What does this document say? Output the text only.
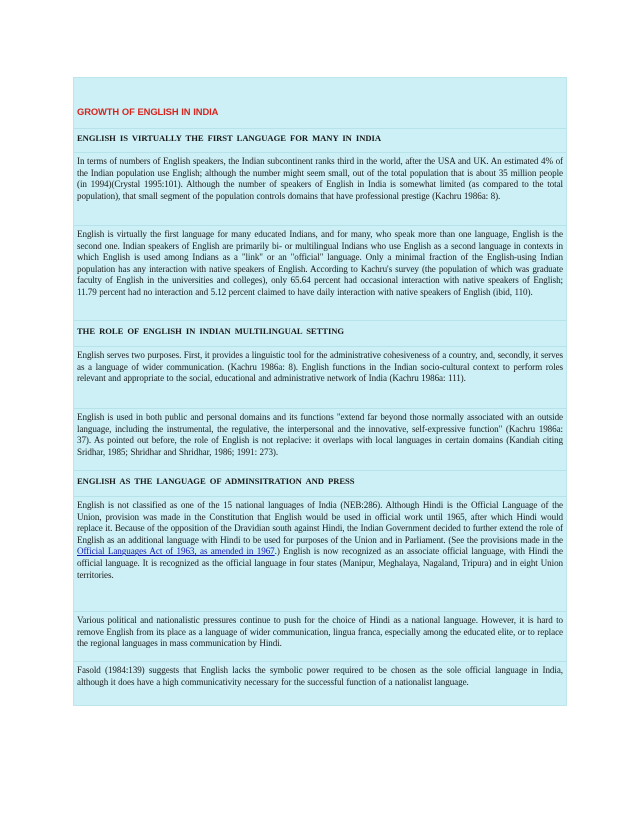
GROWTH OF ENGLISH IN INDIA
ENGLISH IS VIRTUALLY THE FIRST LANGUAGE FOR MANY IN INDIA
In terms of numbers of English speakers, the Indian subcontinent ranks third in the world, after the USA and UK. An estimated 4% of the Indian population use English; although the number might seem small, out of the total population that is about 35 million people (in 1994)(Crystal 1995:101). Although the number of speakers of English in India is somewhat limited (as compared to the total population), that small segment of the population controls domains that have professional prestige (Kachru 1986a: 8).
English is virtually the first language for many educated Indians, and for many, who speak more than one language, English is the second one. Indian speakers of English are primarily bi- or multilingual Indians who use English as a second language in contexts in which English is used among Indians as a "link" or an "official" language. Only a minimal fraction of the English-using Indian population has any interaction with native speakers of English. According to Kachru's survey (the population of which was graduate faculty of English in the universities and colleges), only 65.64 percent had occasional interaction with native speakers of English; 11.79 percent had no interaction and 5.12 percent claimed to have daily interaction with native speakers of English (ibid, 110).
THE ROLE OF ENGLISH IN INDIAN MULTILINGUAL SETTING
English serves two purposes. First, it provides a linguistic tool for the administrative cohesiveness of a country, and, secondly, it serves as a language of wider communication. (Kachru 1986a: 8). English functions in the Indian socio-cultural context to perform roles relevant and appropriate to the social, educational and administrative network of India (Kachru 1986a: 111).
English is used in both public and personal domains and its functions "extend far beyond those normally associated with an outside language, including the instrumental, the regulative, the interpersonal and the innovative, self-expressive function" (Kachru 1986a: 37). As pointed out before, the role of English is not replacive: it overlaps with local languages in certain domains (Kandiah citing Sridhar, 1985; Shridhar and Shridhar, 1986; 1991: 273).
ENGLISH AS THE LANGUAGE OF ADMINSITRATION AND PRESS
English is not classified as one of the 15 national languages of India (NEB:286). Although Hindi is the Official Language of the Union, provision was made in the Constitution that English would be used in official work until 1965, after which Hindi would replace it. Because of the opposition of the Dravidian south against Hindi, the Indian Government decided to further extend the role of English as an additional language with Hindi to be used for purposes of the Union and in Parliament. (See the provisions made in the Official Languages Act of 1963, as amended in 1967.) English is now recognized as an associate official language, with Hindi the official language. It is recognized as the official language in four states (Manipur, Meghalaya, Nagaland, Tripura) and in eight Union territories.
Various political and nationalistic pressures continue to push for the choice of Hindi as a national language. However, it is hard to remove English from its place as a language of wider communication, lingua franca, especially among the educated elite, or to replace the regional languages in mass communication by Hindi.
Fasold (1984:139) suggests that English lacks the symbolic power required to be chosen as the sole official language in India, although it does have a high communicativity necessary for the successful function of a nationalist language.
